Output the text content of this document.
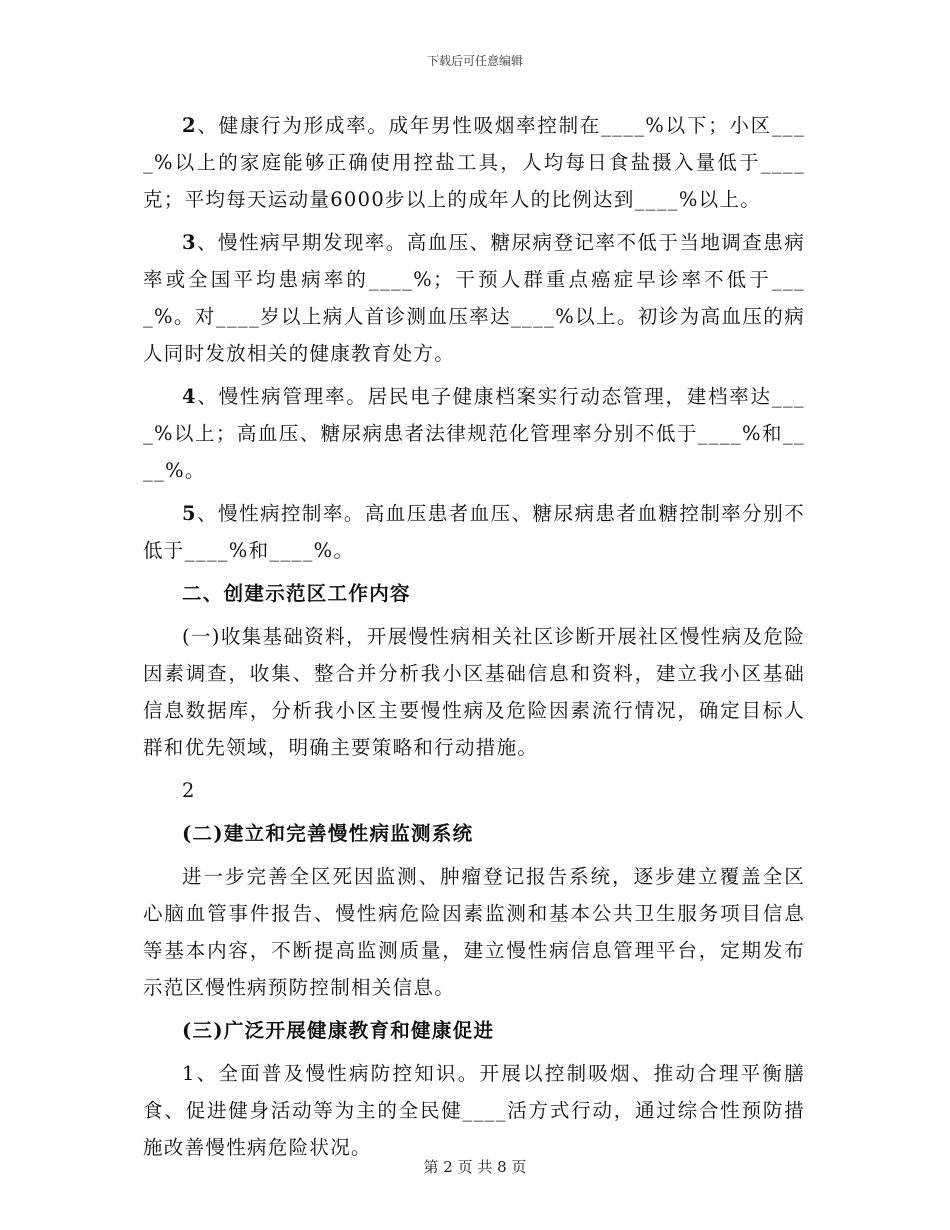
下载后可任意编辑

2、健康行为形成率。成年男性吸烟率控制在____%以下；小区____%以上的家庭能够正确使用控盐工具，人均每日食盐摄入量低于____克；平均每天运动量6000步以上的成年人的比例达到____%以上。

3、慢性病早期发现率。高血压、糖尿病登记率不低于当地调查患病率或全国平均患病率的____%；干预人群重点癌症早诊率不低于____%。对____岁以上病人首诊测血压率达____%以上。初诊为高血压的病人同时发放相关的健康教育处方。

4、慢性病管理率。居民电子健康档案实行动态管理，建档率达____%以上；高血压、糖尿病患者法律规范化管理率分别不低于____%和____%。

5、慢性病控制率。高血压患者血压、糖尿病患者血糖控制率分别不低于____%和____%。

二、创建示范区工作内容

(一)收集基础资料，开展慢性病相关社区诊断开展社区慢性病及危险因素调查，收集、整合并分析我小区基础信息和资料，建立我小区基础信息数据库，分析我小区主要慢性病及危险因素流行情况，确定目标人群和优先领域，明确主要策略和行动措施。

2

(二)建立和完善慢性病监测系统

进一步完善全区死因监测、肿瘤登记报告系统，逐步建立覆盖全区心脑血管事件报告、慢性病危险因素监测和基本公共卫生服务项目信息等基本内容，不断提高监测质量，建立慢性病信息管理平台，定期发布示范区慢性病预防控制相关信息。

(三)广泛开展健康教育和健康促进

1、全面普及慢性病防控知识。开展以控制吸烟、推动合理平衡膳食、促进健身活动等为主的全民健____活方式行动，通过综合性预防措施改善慢性病危险状况。

第 2 页 共 8 页
